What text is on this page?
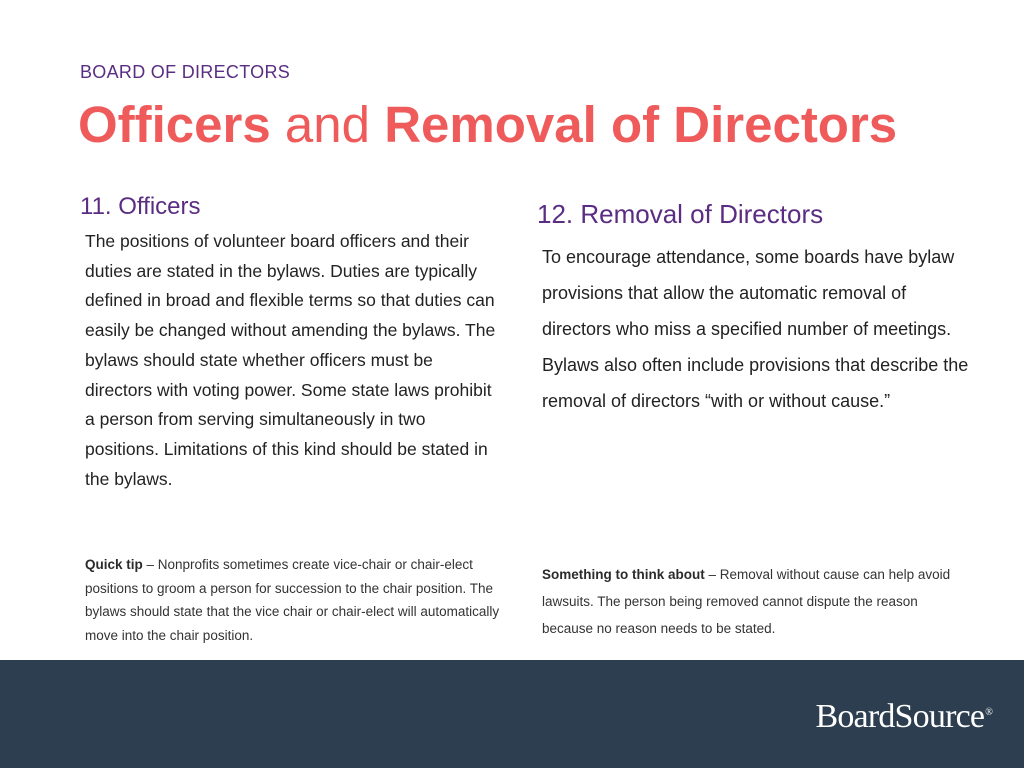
BOARD OF DIRECTORS
Officers and Removal of Directors
11. Officers
The positions of volunteer board officers and their duties are stated in the bylaws. Duties are typically defined in broad and flexible terms so that duties can easily be changed without amending the bylaws. The bylaws should state whether officers must be directors with voting power. Some state laws prohibit a person from serving simultaneously in two positions. Limitations of this kind should be stated in the bylaws.
Quick tip – Nonprofits sometimes create vice-chair or chair-elect positions to groom a person for succession to the chair position. The bylaws should state that the vice chair or chair-elect will automatically move into the chair position.
12. Removal of Directors
To encourage attendance, some boards have bylaw provisions that allow the automatic removal of directors who miss a specified number of meetings. Bylaws also often include provisions that describe the removal of directors “with or without cause.”
Something to think about – Removal without cause can help avoid lawsuits. The person being removed cannot dispute the reason because no reason needs to be stated.
BoardSource®
